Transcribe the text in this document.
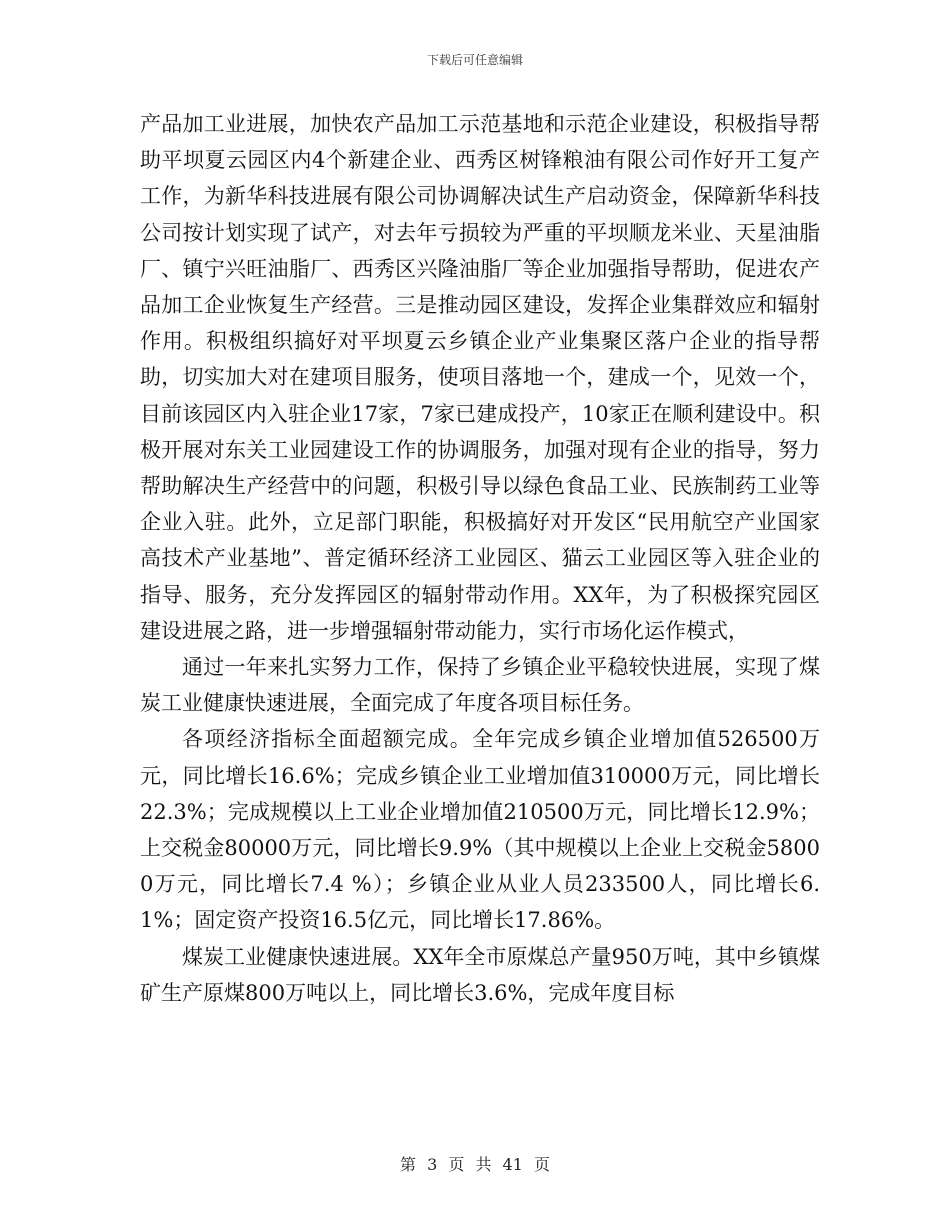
下载后可任意编辑

产品加工业进展，加快农产品加工示范基地和示范企业建设，积极指导帮助平坝夏云园区内4个新建企业、西秀区树锋粮油有限公司作好开工复产工作，为新华科技进展有限公司协调解决试生产启动资金，保障新华科技公司按计划实现了试产，对去年亏损较为严重的平坝顺龙米业、天星油脂厂、镇宁兴旺油脂厂、西秀区兴隆油脂厂等企业加强指导帮助，促进农产品加工企业恢复生产经营。三是推动园区建设，发挥企业集群效应和辐射作用。积极组织搞好对平坝夏云乡镇企业产业集聚区落户企业的指导帮助，切实加大对在建项目服务，使项目落地一个，建成一个，见效一个，目前该园区内入驻企业17家，7家已建成投产，10家正在顺利建设中。积极开展对东关工业园建设工作的协调服务，加强对现有企业的指导，努力帮助解决生产经营中的问题，积极引导以绿色食品工业、民族制药工业等企业入驻。此外，立足部门职能，积极搞好对开发区“民用航空产业国家高技术产业基地”、普定循环经济工业园区、猫云工业园区等入驻企业的指导、服务，充分发挥园区的辐射带动作用。XX年，为了积极探究园区建设进展之路，进一步增强辐射带动能力，实行市场化运作模式，

通过一年来扎实努力工作，保持了乡镇企业平稳较快进展，实现了煤炭工业健康快速进展，全面完成了年度各项目标任务。

各项经济指标全面超额完成。全年完成乡镇企业增加值526500万元，同比增长16.6%；完成乡镇企业工业增加值310000万元，同比增长22.3%；完成规模以上工业企业增加值210500万元，同比增长12.9%；上交税金80000万元，同比增长9.9%（其中规模以上企业上交税金58000万元，同比增长7.4 %）；乡镇企业从业人员233500人，同比增长6.1%；固定资产投资16.5亿元，同比增长17.86%。

煤炭工业健康快速进展。XX年全市原煤总产量950万吨，其中乡镇煤矿生产原煤800万吨以上，同比增长3.6%，完成年度目标

第 3 页 共 41 页
